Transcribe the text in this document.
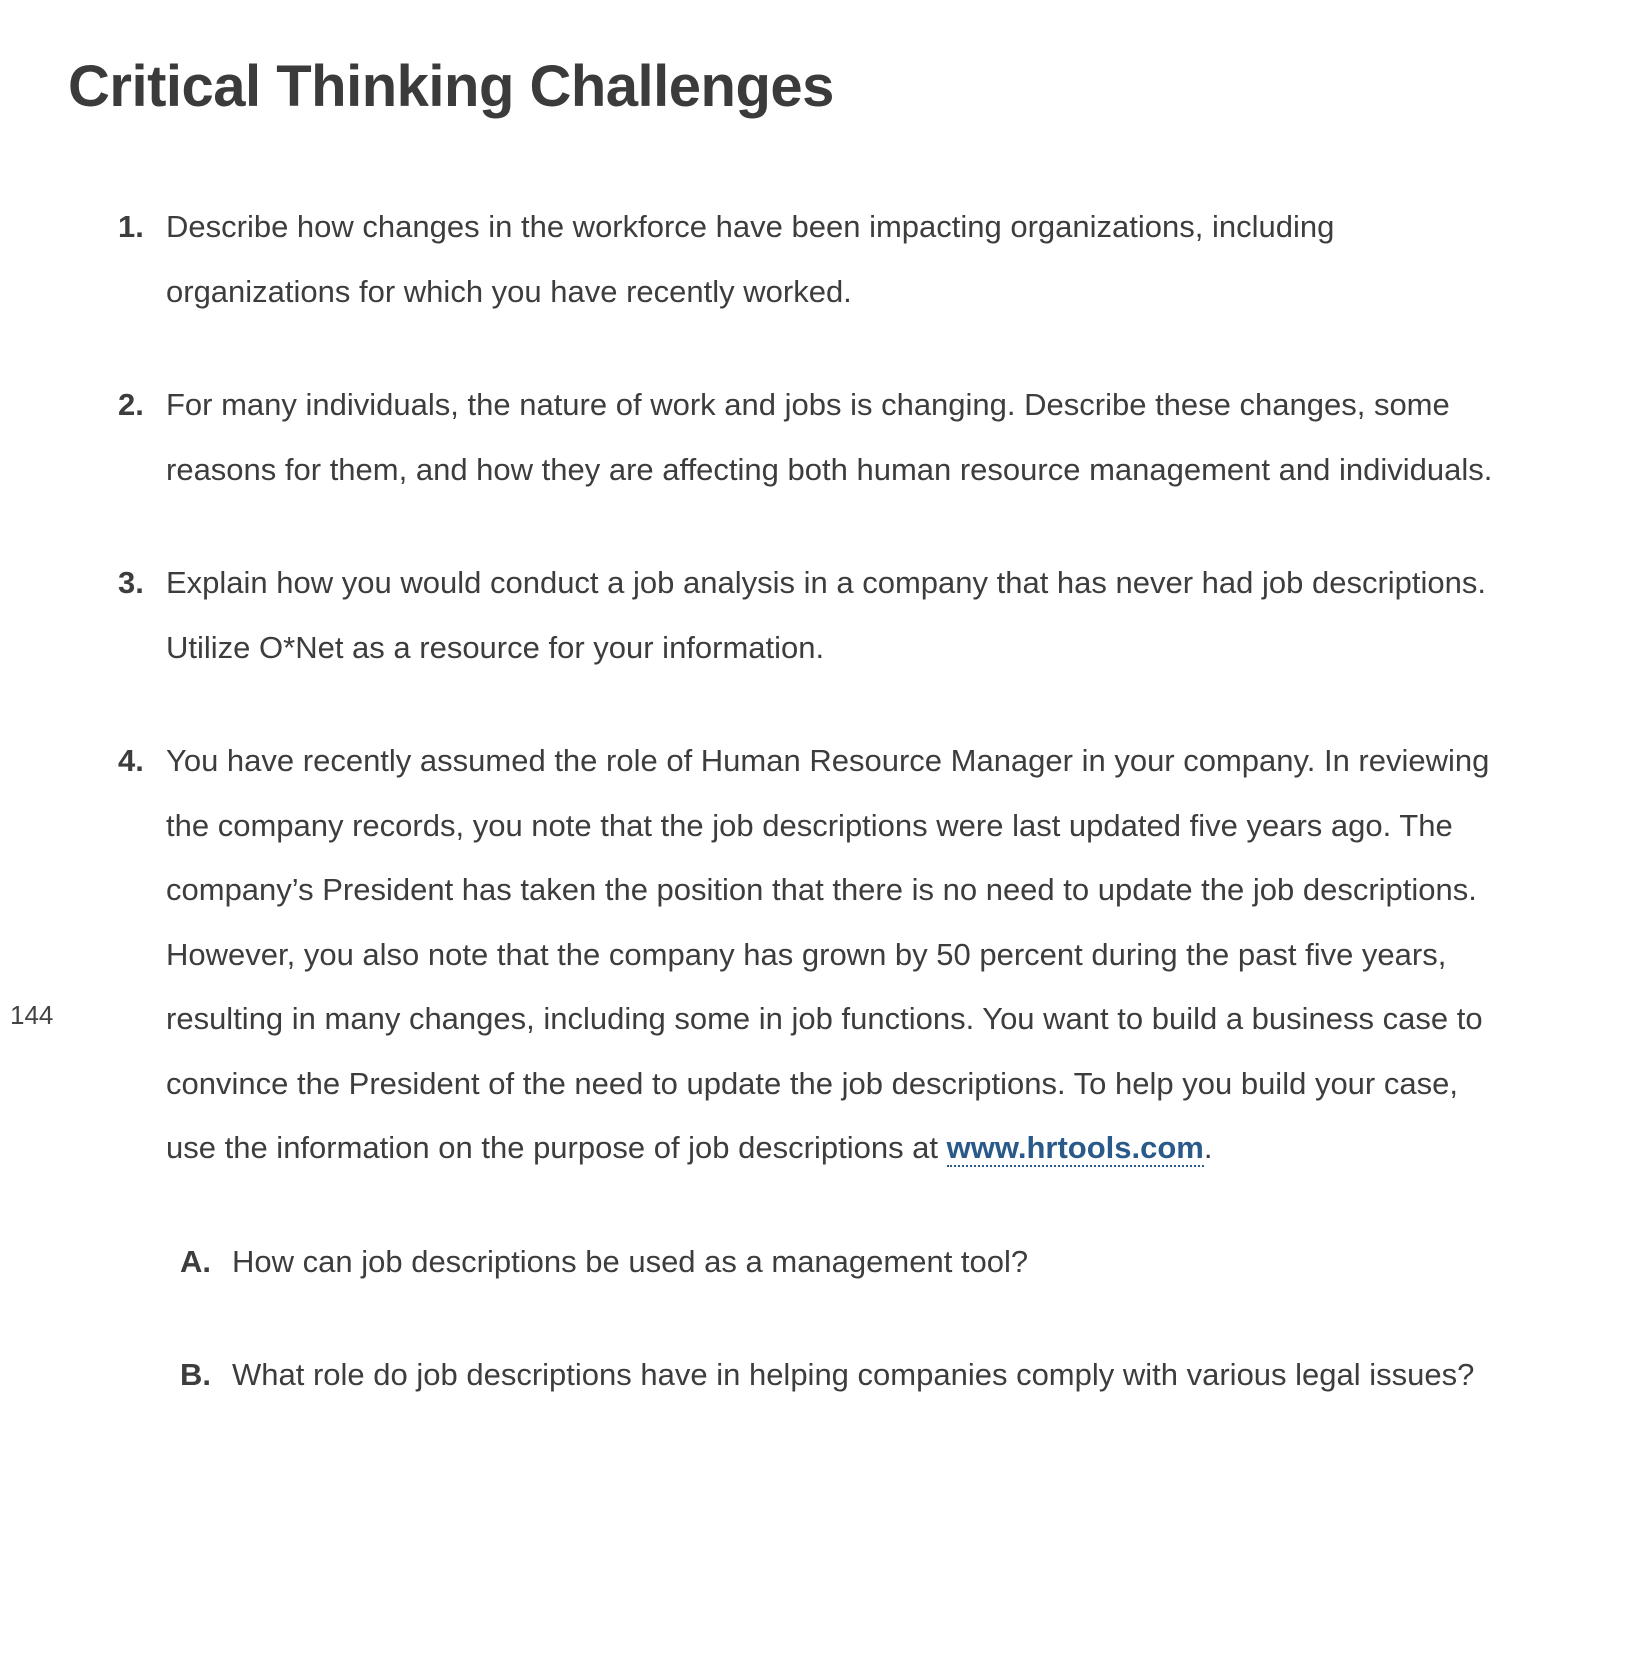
Critical Thinking Challenges
144
1. Describe how changes in the workforce have been impacting organizations, including organizations for which you have recently worked.
2. For many individuals, the nature of work and jobs is changing. Describe these changes, some reasons for them, and how they are affecting both human resource management and individuals.
3. Explain how you would conduct a job analysis in a company that has never had job descriptions. Utilize O*Net as a resource for your information.
4. You have recently assumed the role of Human Resource Manager in your company. In reviewing the company records, you note that the job descriptions were last updated five years ago. The company’s President has taken the position that there is no need to update the job descriptions. However, you also note that the company has grown by 50 percent during the past five years, resulting in many changes, including some in job functions. You want to build a business case to convince the President of the need to update the job descriptions. To help you build your case, use the information on the purpose of job descriptions at www.hrtools.com.
A. How can job descriptions be used as a management tool?
B. What role do job descriptions have in helping companies comply with various legal issues?
